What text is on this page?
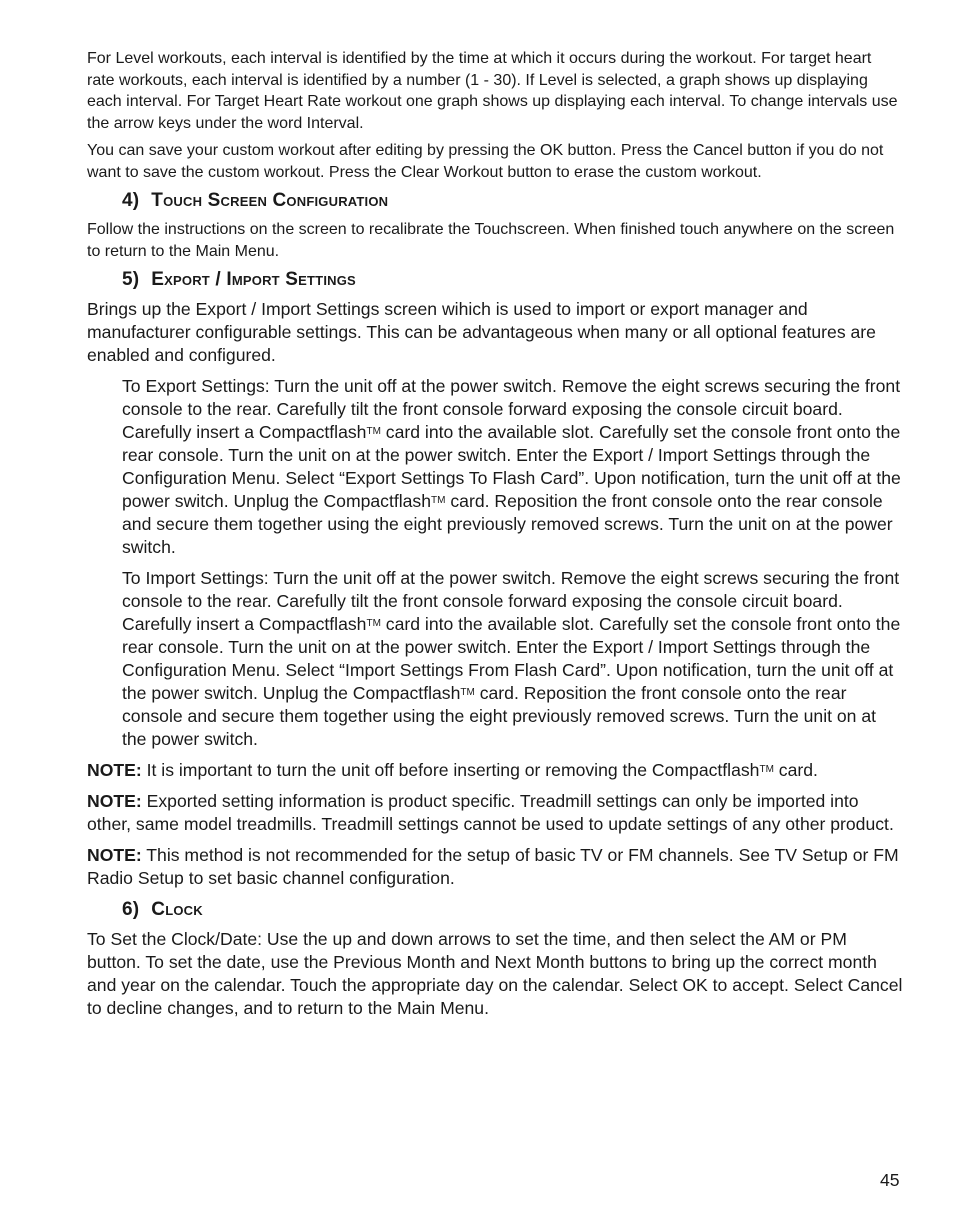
For Level workouts, each interval is identified by the time at which it occurs during the workout. For target heart rate workouts, each interval is identified by a number (1 - 30). If Level is selected, a graph shows up displaying each interval. For Target Heart Rate workout one graph shows up displaying each interval. To change intervals use the arrow keys under the word Interval.

You can save your custom workout after editing by pressing the OK button. Press the Cancel button if you do not want to save the custom workout. Press the Clear Workout button to erase the custom workout.

4) Touch Screen Configuration

Follow the instructions on the screen to recalibrate the Touchscreen. When finished touch anywhere on the screen to return to the Main Menu.

5) Export / Import Settings

Brings up the Export / Import Settings screen wihich is used to import or export manager and manufacturer configurable settings. This can be advantageous when many or all optional features are enabled and configured.

To Export Settings: Turn the unit off at the power switch. Remove the eight screws securing the front console to the rear. Carefully tilt the front console forward exposing the console circuit board. Carefully insert a Compactflash™ card into the available slot. Carefully set the console front onto the rear console. Turn the unit on at the power switch. Enter the Export / Import Settings through the Configuration Menu. Select “Export Settings To Flash Card”. Upon notification, turn the unit off at the power switch. Unplug the Compactflash™ card. Reposition the front console onto the rear console and secure them together using the eight previously removed screws. Turn the unit on at the power switch.

To Import Settings: Turn the unit off at the power switch. Remove the eight screws securing the front console to the rear. Carefully tilt the front console forward exposing the console circuit board. Carefully insert a Compactflash™ card into the available slot. Carefully set the console front onto the rear console. Turn the unit on at the power switch. Enter the Export / Import Settings through the Configuration Menu. Select “Import Settings From Flash Card”. Upon notification, turn the unit off at the power switch. Unplug the Compactflash™ card. Reposition the front console onto the rear console and secure them together using the eight previously removed screws. Turn the unit on at the power switch.

NOTE: It is important to turn the unit off before inserting or removing the Compactflash™ card.

NOTE: Exported setting information is product specific. Treadmill settings can only be imported into other, same model treadmills. Treadmill settings cannot be used to update settings of any other product.

NOTE: This method is not recommended for the setup of basic TV or FM channels. See TV Setup or FM Radio Setup to set basic channel configuration.

6) Clock

To Set the Clock/Date: Use the up and down arrows to set the time, and then select the AM or PM button. To set the date, use the Previous Month and Next Month buttons to bring up the correct month and year on the calendar. Touch the appropriate day on the calendar. Select OK to accept. Select Cancel to decline changes, and to return to the Main Menu.

45
